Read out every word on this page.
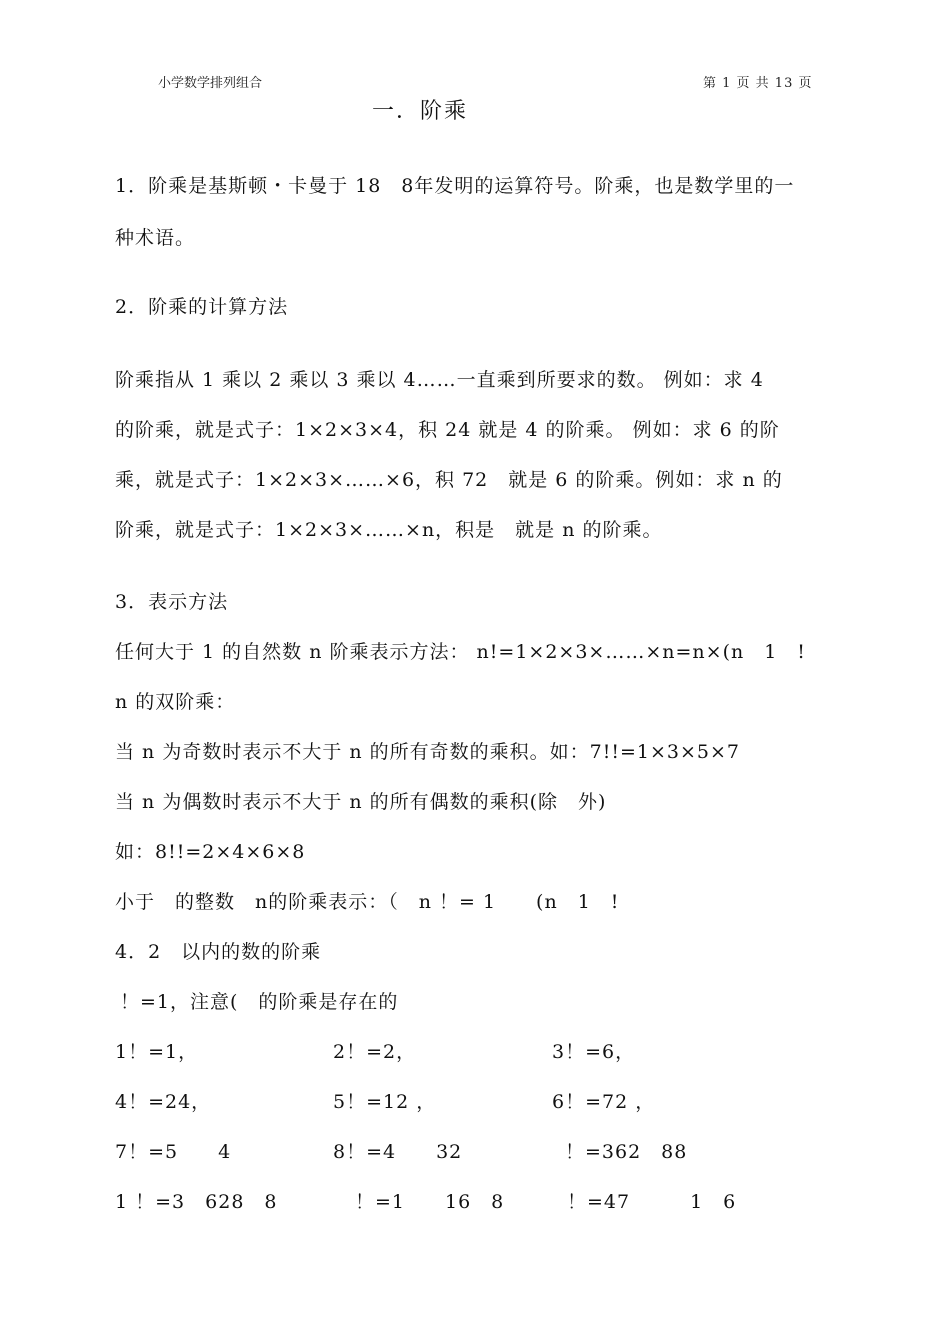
小学数学排列组合	第 1 页 共 13 页
一．阶乘
1．阶乘是基斯顿・卡曼于 18　8年发明的运算符号。阶乘，也是数学里的一
种术语。
2．阶乘的计算方法
阶乘指从 1 乘以 2 乘以 3 乘以 4……一直乘到所要求的数。 例如：求 4
的阶乘，就是式子：1×2×3×4，积 24 就是 4 的阶乘。 例如：求 6 的阶
乘，就是式子：1×2×3×……×6，积 72　就是 6 的阶乘。例如：求 n 的
阶乘，就是式子：1×2×3×……×n，积是　就是 n 的阶乘。
3．表示方法
任何大于 1 的自然数 n 阶乘表示方法： n!=1×2×3×……×n=n×(n　1　!
n 的双阶乘：
当 n 为奇数时表示不大于 n 的所有奇数的乘积。如：7!!=1×3×5×7
当 n 为偶数时表示不大于 n 的所有偶数的乘积(除　外)
如：8!!=2×4×6×8
小于　的整数　n的阶乘表示：（　n ！= 1　　(n　1　!
4．2　以内的数的阶乘
！=1，注意(　的阶乘是存在的
1！=1，	2！=2，	3！=6，
4！=24，	5！=12 ，	6！=72 ，
7！=5　　4	8！=4　　32	！=362　88
1 ！=3　628　8	！=1　　16　8	！=47　　　1　6
